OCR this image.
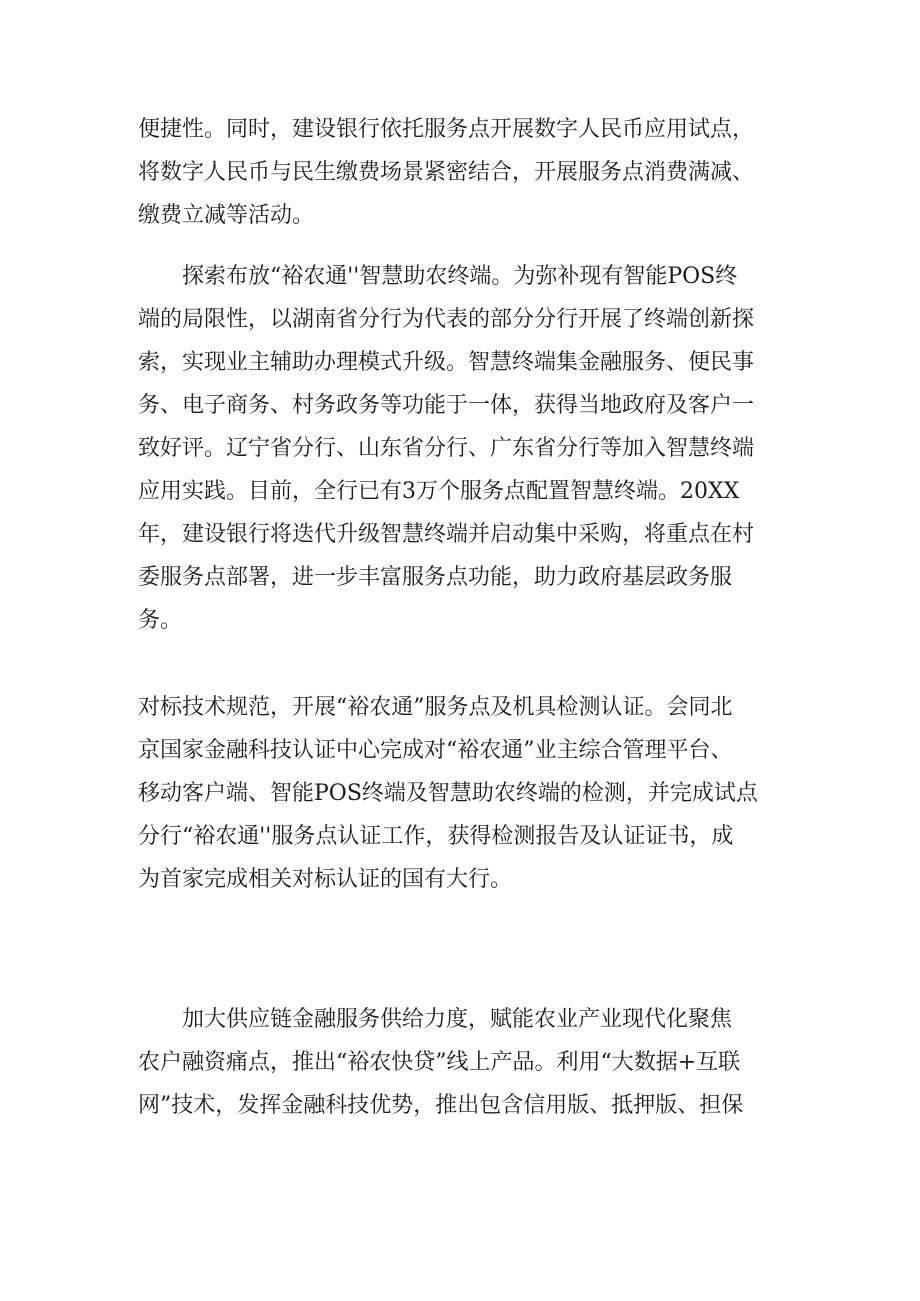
便捷性。同时，建设银行依托服务点开展数字人民币应用试点，
将数字人民币与民生缴费场景紧密结合，开展服务点消费满减、
缴费立减等活动。
　　探索布放“裕农通''智慧助农终端。为弥补现有智能POS终
端的局限性，以湖南省分行为代表的部分分行开展了终端创新探
索，实现业主辅助办理模式升级。智慧终端集金融服务、便民事
务、电子商务、村务政务等功能于一体，获得当地政府及客户一
致好评。辽宁省分行、山东省分行、广东省分行等加入智慧终端
应用实践。目前，全行已有3万个服务点配置智慧终端。20XX
年，建设银行将迭代升级智慧终端并启动集中采购，将重点在村
委服务点部署，进一步丰富服务点功能，助力政府基层政务服
务。
对标技术规范，开展“裕农通”服务点及机具检测认证。会同北
京国家金融科技认证中心完成对“裕农通”业主综合管理平台、
移动客户端、智能POS终端及智慧助农终端的检测，并完成试点
分行“裕农通''服务点认证工作，获得检测报告及认证证书，成
为首家完成相关对标认证的国有大行。
　　加大供应链金融服务供给力度，赋能农业产业现代化聚焦
农户融资痛点，推出“裕农快贷”线上产品。利用“大数据+互联
网”技术，发挥金融科技优势，推出包含信用版、抵押版、担保
